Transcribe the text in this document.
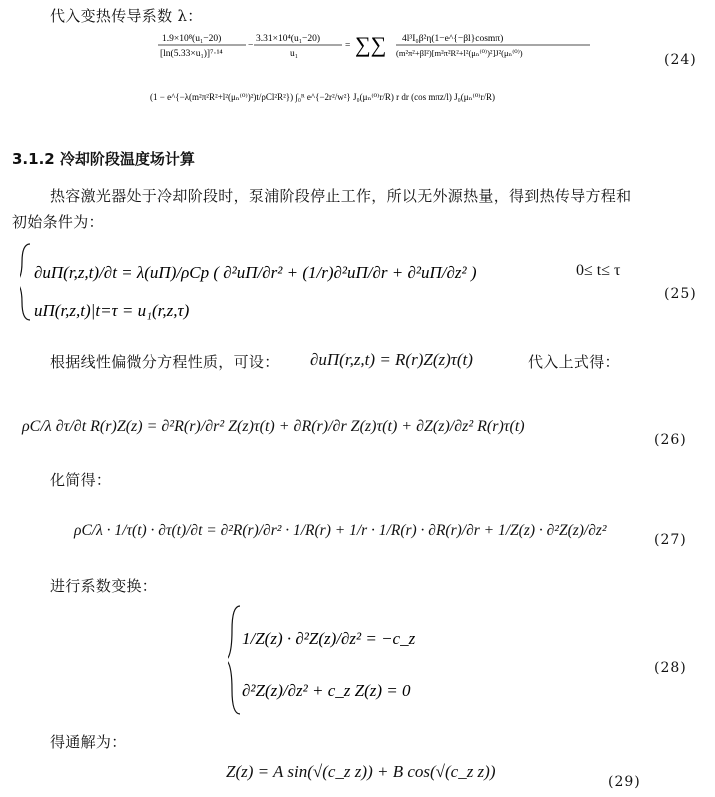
代入变热传导系数 λ：
1.9×10⁸(u₁−20)
[ln(5.33×u₁)]⁷·¹⁴
−
3.31×10⁴(u₁−20)
u₁
= ∑∑ 4l³I₀β²η(1−e^{−βl}cosmπ)
(m²π²+βl²)[m²π²R²+l²(μₙ⁽⁰⁾)²]J²(μₙ⁽⁰⁾)
(1 − e^{−λ(m²π²R²+l²(μₙ⁽⁰⁾)²)t/ρCl²R²}) ∫₀ᴿ e^{−2r²/w²} J₀(μₙ⁽⁰⁾r/R) r dr (cos mπz/l) J₀(μₙ⁽⁰⁾r/R)
(24)
3.1.2 冷却阶段温度场计算
热容激光器处于冷却阶段时，泵浦阶段停止工作，所以无外源热量，得到热传导方程和
初始条件为：
∂uΠ(r,z,t)/∂t = λ(uΠ)/ρCp ( ∂²uΠ/∂r² + (1/r)∂²uΠ/∂r + ∂²uΠ/∂z² )
uΠ(r,z,t)|t=τ = u₁(r,z,τ)
0≤ t≤ τ
(25)
根据线性偏微分方程性质，可设： ∂uΠ(r,z,t) = R(r)Z(z)τ(t)	代入上式得：
ρC/λ ∂τ/∂t R(r)Z(z) = ∂²R(r)/∂r² Z(z)τ(t) + ∂R(r)/∂r Z(z)τ(t) + ∂Z(z)/∂z² R(r)τ(t)
(26)
化简得：
ρC/λ · 1/τ(t) · ∂τ(t)/∂t = ∂²R(r)/∂r² · 1/R(r) + 1/r · 1/R(r) · ∂R(r)/∂r + 1/Z(z) · ∂²Z(z)/∂z²
(27)
进行系数变换：
1/Z(z) · ∂²Z(z)/∂z² = −c_z
∂²Z(z)/∂z² + c_z Z(z) = 0
(28)
得通解为：
Z(z) = A sin(√(c_z z)) + B cos(√(c_z z))
(29)
